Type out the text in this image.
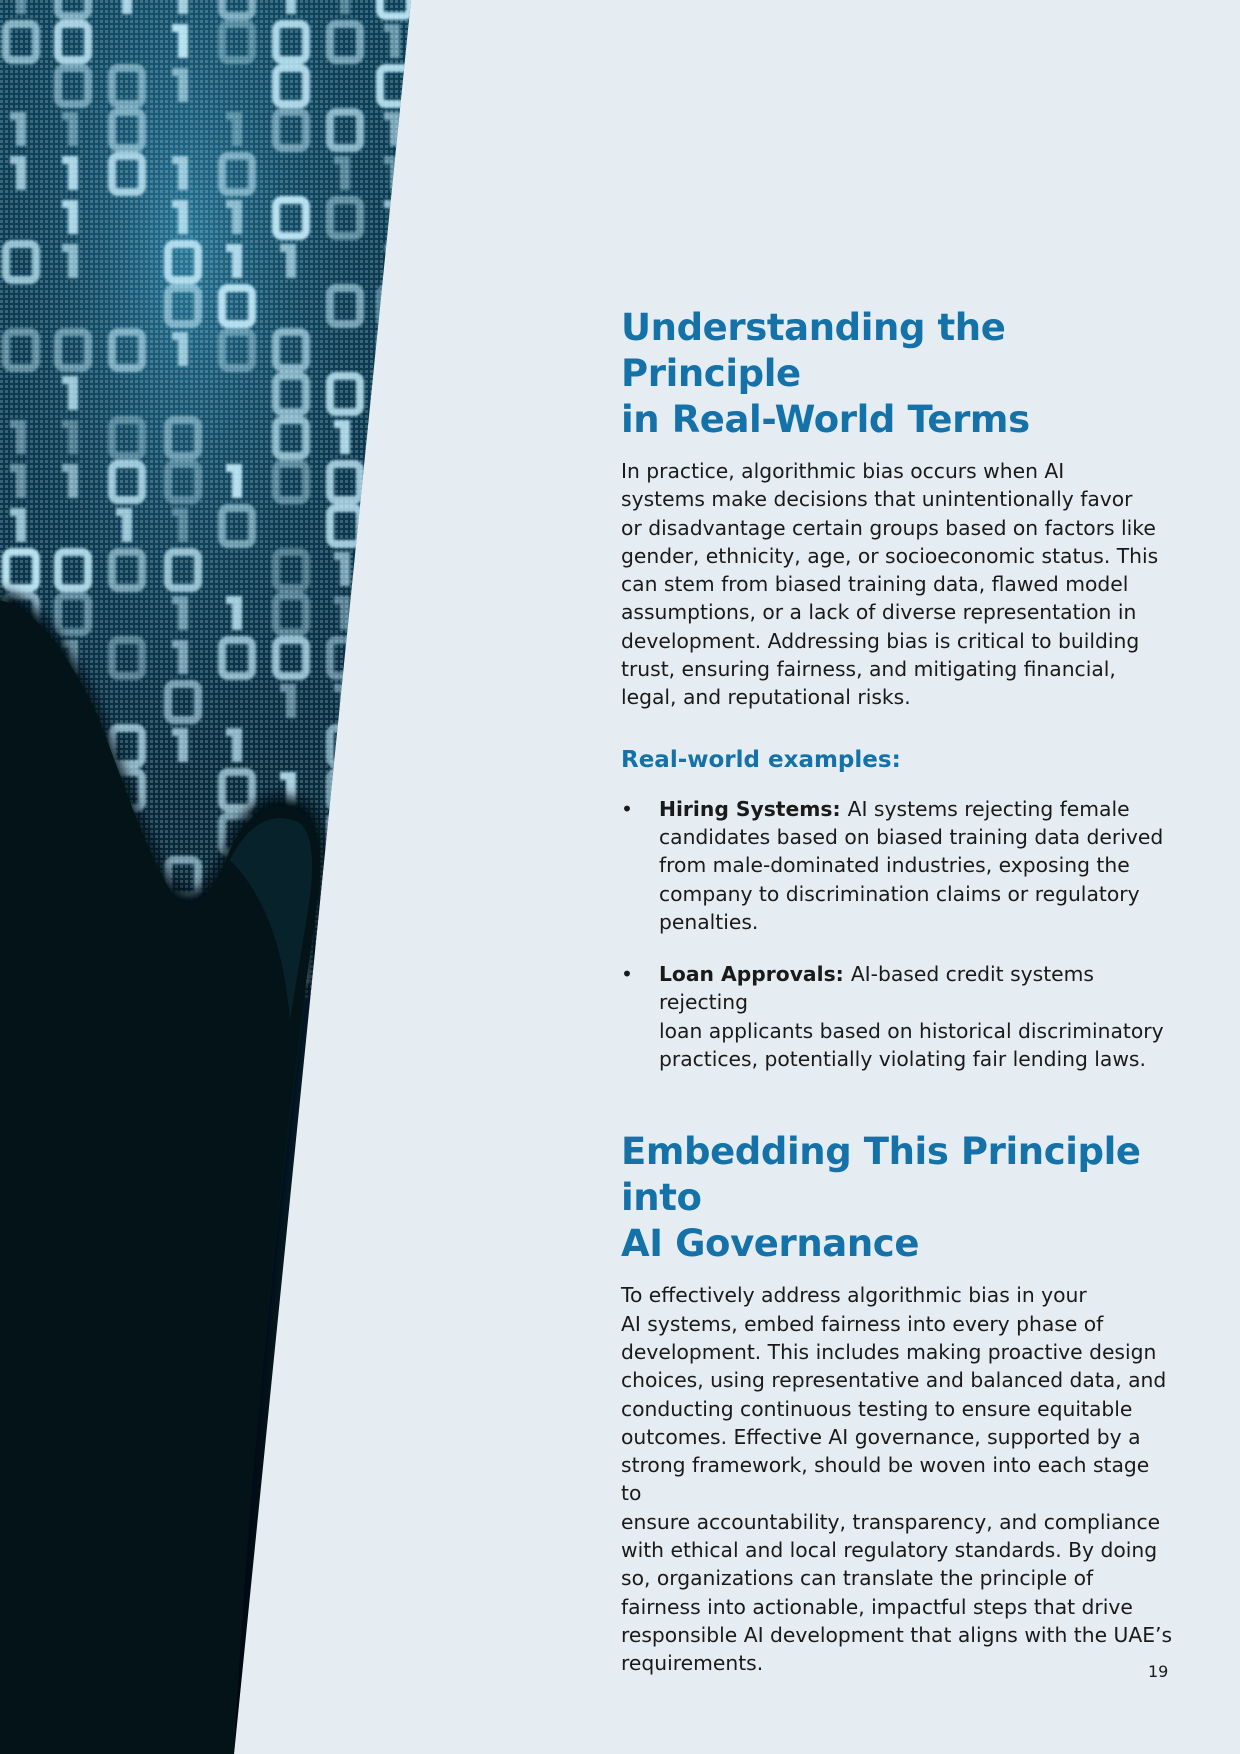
Understanding the Principle
in Real-World Terms

In practice, algorithmic bias occurs when AI
systems make decisions that unintentionally favor
or disadvantage certain groups based on factors like
gender, ethnicity, age, or socioeconomic status. This
can stem from biased training data, flawed model
assumptions, or a lack of diverse representation in
development. Addressing bias is critical to building
trust, ensuring fairness, and mitigating financial,
legal, and reputational risks.

Real-world examples:
• Hiring Systems: AI systems rejecting female
candidates based on biased training data derived
from male-dominated industries, exposing the
company to discrimination claims or regulatory
penalties.
• Loan Approvals: AI-based credit systems rejecting
loan applicants based on historical discriminatory
practices, potentially violating fair lending laws.
Embedding This Principle into
AI Governance

To effectively address algorithmic bias in your
AI systems, embed fairness into every phase of
development. This includes making proactive design
choices, using representative and balanced data, and
conducting continuous testing to ensure equitable
outcomes. Effective AI governance, supported by a
strong framework, should be woven into each stage to
ensure accountability, transparency, and compliance
with ethical and local regulatory standards. By doing
so, organizations can translate the principle of
fairness into actionable, impactful steps that drive
responsible AI development that aligns with the UAE’s
requirements.	19
